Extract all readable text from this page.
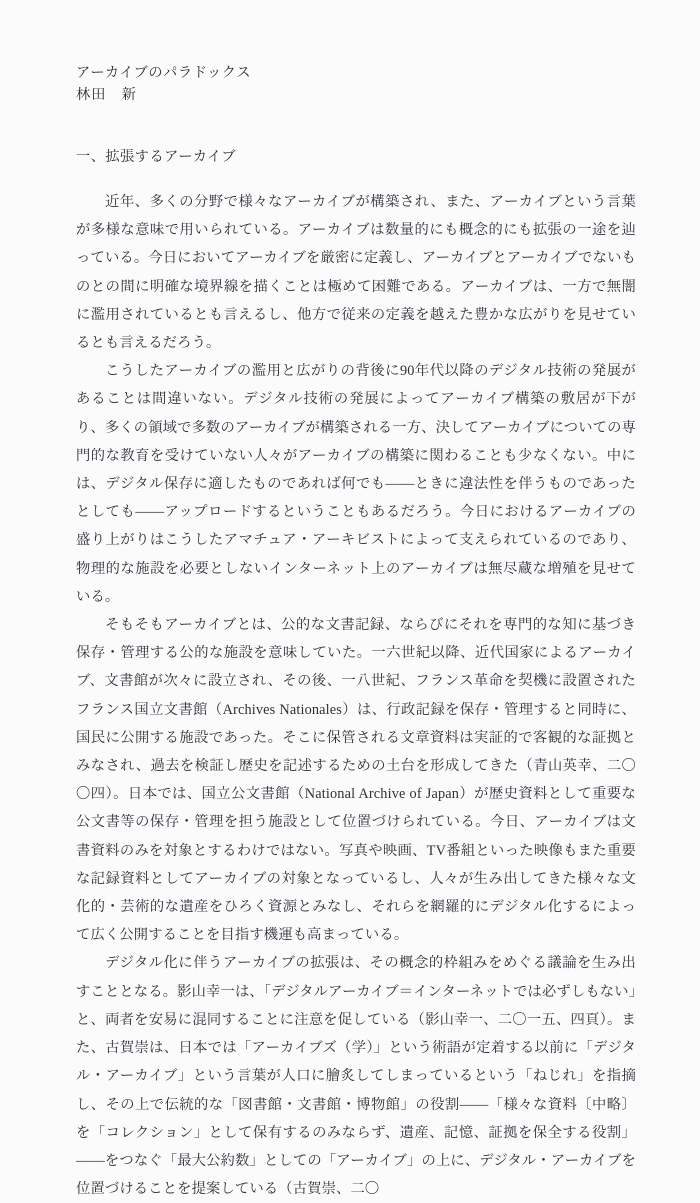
アーカイブのパラドックス
林田　新
一、拡張するアーカイブ

　近年、多くの分野で様々なアーカイブが構築され、また、アーカイブという言葉が多様な意味で用いられている。アーカイブは数量的にも概念的にも拡張の一途を辿っている。今日においてアーカイブを厳密に定義し、アーカイブとアーカイブでないものとの間に明確な境界線を描くことは極めて困難である。アーカイブは、一方で無闇に濫用されているとも言えるし、他方で従来の定義を越えた豊かな広がりを見せているとも言えるだろう。

　こうしたアーカイブの濫用と広がりの背後に90年代以降のデジタル技術の発展があることは間違いない。デジタル技術の発展によってアーカイブ構築の敷居が下がり、多くの領域で多数のアーカイブが構築される一方、決してアーカイブについての専門的な教育を受けていない人々がアーカイブの構築に関わることも少なくない。中には、デジタル保存に適したものであれば何でも——ときに違法性を伴うものであったとしても——アップロードするということもあるだろう。今日におけるアーカイブの盛り上がりはこうしたアマチュア・アーキビストによって支えられているのであり、物理的な施設を必要としないインターネット上のアーカイブは無尽蔵な増殖を見せている。

　そもそもアーカイブとは、公的な文書記録、ならびにそれを専門的な知に基づき保存・管理する公的な施設を意味していた。一六世紀以降、近代国家によるアーカイブ、文書館が次々に設立され、その後、一八世紀、フランス革命を契機に設置されたフランス国立文書館（Archives Nationales）は、行政記録を保存・管理すると同時に、国民に公開する施設であった。そこに保管される文章資料は実証的で客観的な証拠とみなされ、過去を検証し歴史を記述するための土台を形成してきた（青山英幸、二〇〇四）。日本では、国立公文書館（National Archive of Japan）が歴史資料として重要な公文書等の保存・管理を担う施設として位置づけられている。今日、アーカイブは文書資料のみを対象とするわけではない。写真や映画、TV番組といった映像もまた重要な記録資料としてアーカイブの対象となっているし、人々が生み出してきた様々な文化的・芸術的な遺産をひろく資源とみなし、それらを網羅的にデジタル化するによって広く公開することを目指す機運も高まっている。

　デジタル化に伴うアーカイブの拡張は、その概念的枠組みをめぐる議論を生み出すこととなる。影山幸一は、「デジタルアーカイブ＝インターネットでは必ずしもない」と、両者を安易に混同することに注意を促している（影山幸一、二〇一五、四頁）。また、古賀崇は、日本では「アーカイブズ（学）」という術語が定着する以前に「デジタル・アーカイブ」という言葉が人口に膾炙してしまっているという「ねじれ」を指摘し、その上で伝統的な「図書館・文書館・博物館」の役割——「様々な資料〔中略〕を「コレクション」として保有するのみならず、遺産、記憶、証拠を保全する役割」——をつなぐ「最大公約数」としての「アーカイブ」の上に、デジタル・アーカイブを位置づけることを提案している（古賀崇、二〇
